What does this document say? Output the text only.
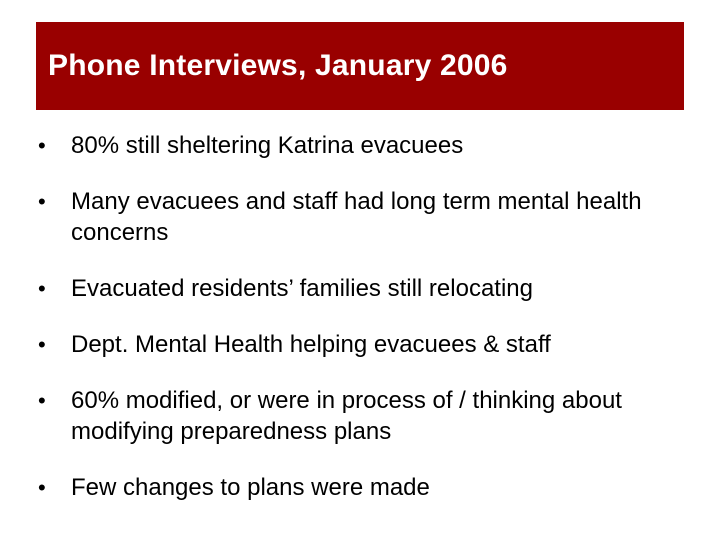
Phone Interviews, January 2006
• 80% still sheltering Katrina evacuees
• Many evacuees and staff had long term mental health concerns
• Evacuated residents’ families still relocating
• Dept. Mental Health helping evacuees & staff
• 60% modified, or were in process of / thinking about modifying preparedness plans
• Few changes to plans were made
